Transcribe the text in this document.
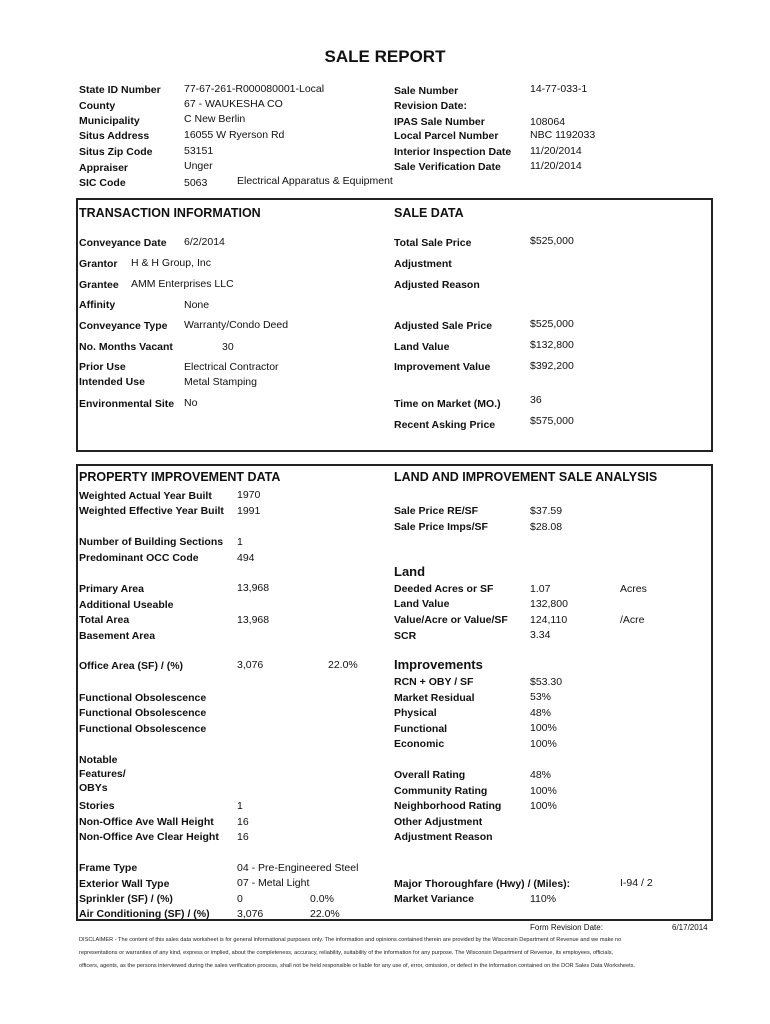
SALE REPORT
State ID Number 77-67-261-R000080001-Local
County	67 - WAUKESHA CO
Municipality	C New Berlin
Situs Address	16055 W Ryerson Rd
Situs Zip Code	53151
Appraiser	Unger
SIC Code	5063	Electrical Apparatus & Equipment
Sale Number	14-77-033-1
Revision Date:
IPAS Sale Number	108064
Local Parcel Number	NBC 1192033
Interior Inspection Date 11/20/2014
Sale Verification Date	11/20/2014
TRANSACTION INFORMATION	SALE DATA
Conveyance Date 6/2/2014
Grantor H & H Group, Inc
Grantee AMM Enterprises LLC
Affinity	None
Conveyance Type Warranty/Condo Deed
No. Months Vacant	30
Prior Use	Electrical Contractor
Intended Use	Metal Stamping
Environmental Site No
Total Sale Price	$525,000
Adjustment
Adjusted Reason
Adjusted Sale Price	$525,000
Land Value	$132,800
Improvement Value	$392,200
Time on Market (MO.)	36
Recent Asking Price	$575,000
PROPERTY IMPROVEMENT DATA	LAND AND IMPROVEMENT SALE ANALYSIS
Weighted Actual Year Built 1970
Weighted Effective Year Built 1991
Number of Building Sections 1
Predominant OCC Code	494
Primary Area	13,968
Additional Useable
Total Area	13,968
Basement Area
Office Area (SF) / (%)	3,076	22.0%
Functional Obsolescence
Functional Obsolescence
Functional Obsolescence
Notable
Features/
OBYs
Stories	1
Non-Office Ave Wall Height 16
Non-Office Ave Clear Height 16
Frame Type	04 - Pre-Engineered Steel
Exterior Wall Type	07 - Metal Light
Sprinkler (SF) / (%)	0	0.0%
Air Conditioning (SF) / (%)	3,076	22.0%
Sale Price RE/SF	$37.59
Sale Price Imps/SF	$28.08
Land
Deeded Acres or SF	1.07	Acres
Land Value	132,800
Value/Acre or Value/SF 124,110	/Acre
SCR	3.34
Improvements
RCN + OBY / SF	$53.30
Market Residual	53%
Physical	48%
Functional	100%
Economic	100%
Overall Rating	48%
Community Rating	100%
Neighborhood Rating	100%
Other Adjustment
Adjustment Reason
Major Thoroughfare (Hwy) / (Miles):	I-94 / 2
Market Variance	110%
Form Revision Date:	6/17/2014
DISCLAIMER - The content of this sales data worksheet is for general informational purposes only. The information and opinions contained therein are provided by the Wisconsin Department of Revenue and we make no
representations or warranties of any kind, express or implied, about the completeness, accuracy, reliability, suitability of the information for any purpose. The Wisconsin Department of Revenue, its employees, officials,
officers, agents, as the persons interviewed during the sales verification process, shall not be held responsible or liable for any use of, error, omission, or defect in the information contained on the DOR Sales Data Worksheets.
